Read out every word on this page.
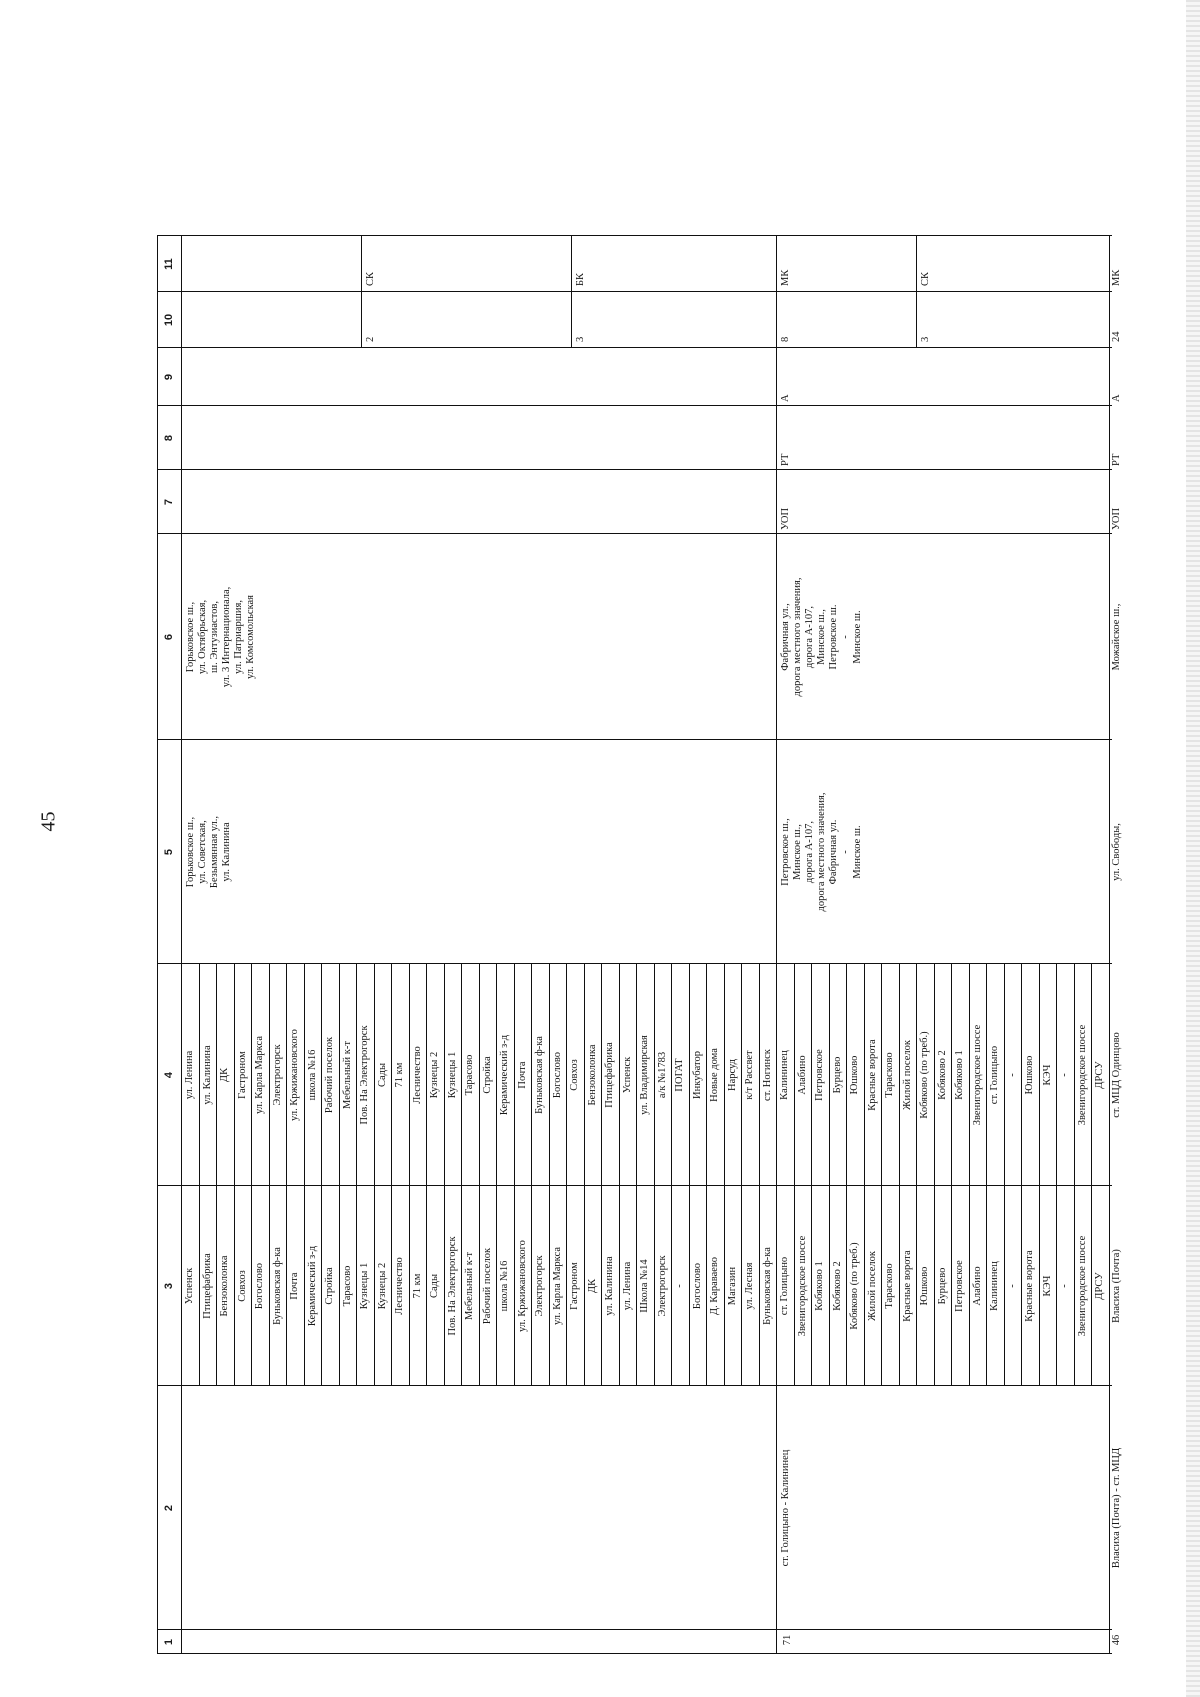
45
1
2
3
4
5
6
7
8
9
10
11
Успенск
ул. Ленина
Птицефабрика
ул. Калинина
Бензоколонка
ДК
Совхоз
Гастроном
Богослово
ул. Карла Маркса
Буньковская ф-ка
Электрогорск
Почта
ул. Кржижановского
Керамический з-д
школа №16
Стройка
Рабочий поселок
Тарасово
Мебельный к-т
Кузнецы 1
Пов. На Электрогорск
Кузнецы 2
Сады
Лесничество
71 км
71 км
Лесничество
Сады
Кузнецы 2
Пов. На Электрогорск
Кузнецы 1
Мебельный к-т
Тарасово
Рабочий поселок
Стройка
школа №16
Керамический з-д
ул. Кржижановского
Почта
Электрогорск
Буньковская ф-ка
ул. Карла Маркса
Богослово
Гастроном
Совхоз
ДК
Бензоколонка
ул. Калинина
Птицефабрика
ул. Ленина
Успенск
Школа №14
ул. Владимирская
Электрогорск
а/к №1783
-
ПОГАТ
Богослово
Инкубатор
Д. Караваево
Новые дома
Магазин
Нарсуд
ул. Лесная
к/т Рассвет
Буньковская ф-ка
ст. Ногинск
Горьковское ш.,
ул. Советская,
Безымянная ул.,
ул. Калинина
Горьковское ш.,
ул. Октябрьская,
ш. Энтузиастов,
ул. 3 Интернационала,
ул. Патриаршия,
ул. Комсомольская
ст. Голицыно
Калининец
Звенигородское шоссе
Алабино
Кобяково 1
Петровское
Кобяково 2
Бурцево
Кобяково (по треб.)
Юшково
Жилой поселок
Красные ворота
Тарасково
Тарасково
Красные ворота
Жилой поселок
Юшково
Кобяково (по треб.)
Бурцево
Кобяково 2
Петровское
Кобяково 1
Алабино
Звенигородское шоссе
Калининец
ст. Голицыно
-
-
Красные ворота
Юшково
КЭЧ
КЭЧ
-
-
Звенигородское шоссе
Звенигородское шоссе
ДРСУ
ДРСУ
71
ст. Голицыно - Калининец
Петровское ш.,
Минское ш.,
дорога А-107,
дорога местного значения,
Фабричная ул.
-
Минское ш.
Фабричная ул.,
дорога местного значения,
дорога А-107,
Минское ш.,
Петровское ш.
-
Минское ш.
УОП
РТ
А
2
СК
3
БК
8
МК
3
СК
46
Власиха (Почта) - ст. МЦД
Власиха (Почта)
ст. МЦД Одинцово
ул. Свободы,
Можайское ш.,
УОП
РТ
А
24
МК
